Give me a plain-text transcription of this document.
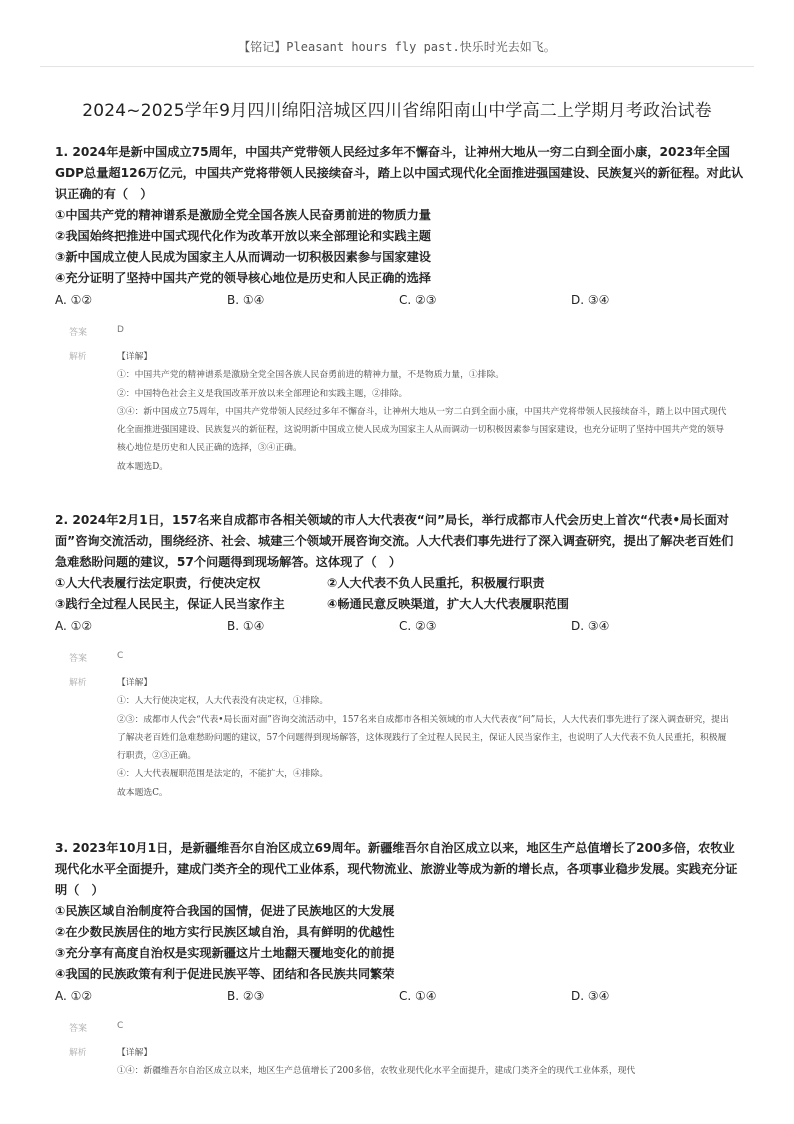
【铭记】Pleasant hours fly past.快乐时光去如飞。
2024~2025学年9月四川绵阳涪城区四川省绵阳南山中学高二上学期月考政治试卷

1. 2024年是新中国成立75周年，中国共产党带领人民经过多年不懈奋斗，让神州大地从一穷二白到全面小康，2023年全国GDP总量超126万亿元，中国共产党将带领人民接续奋斗，踏上以中国式现代化全面推进强国建设、民族复兴的新征程。对此认识正确的有（　）

①中国共产党的精神谱系是激励全党全国各族人民奋勇前进的物质力量
②我国始终把推进中国式现代化作为改革开放以来全部理论和实践主题
③新中国成立使人民成为国家主人从而调动一切积极因素参与国家建设
④充分证明了坚持中国共产党的领导核心地位是历史和人民正确的选择
A. ①②	B. ①④	C. ②③	D. ③④
答案	D
解析	【详解】
①：中国共产党的精神谱系是激励全党全国各族人民奋勇前进的精神力量，不是物质力量，①排除。
②：中国特色社会主义是我国改革开放以来全部理论和实践主题，②排除。
③④：新中国成立75周年，中国共产党带领人民经过多年不懈奋斗，让神州大地从一穷二白到全面小康，中国共产党将带领人民接续奋斗，踏上以中国式现代化全面推进强国建设、民族复兴的新征程，这说明新中国成立使人民成为国家主人从而调动一切积极因素参与国家建设，也充分证明了坚持中国共产党的领导核心地位是历史和人民正确的选择，③④正确。
故本题选D。

2. 2024年2月1日，157名来自成都市各相关领域的市人大代表夜“问”局长，举行成都市人代会历史上首次“代表•局长面对面”咨询交流活动，围绕经济、社会、城建三个领域开展咨询交流。人大代表们事先进行了深入调查研究，提出了解决老百姓们急难愁盼问题的建议，57个问题得到现场解答。这体现了（　）

①人大代表履行法定职责，行使决定权	②人大代表不负人民重托，积极履行职责
③践行全过程人民民主，保证人民当家作主	④畅通民意反映渠道，扩大人大代表履职范围
A. ①②	B. ①④	C. ②③	D. ③④
答案	C
解析	【详解】
①：人大行使决定权，人大代表没有决定权，①排除。
②③：成都市人代会“代表•局长面对面”咨询交流活动中，157名来自成都市各相关领域的市人大代表夜“问”局长，人大代表们事先进行了深入调查研究，提出了解决老百姓们急难愁盼问题的建议，57个问题得到现场解答，这体现践行了全过程人民民主，保证人民当家作主，也说明了人大代表不负人民重托，积极履行职责，②③正确。
④：人大代表履职范围是法定的，不能扩大，④排除。
故本题选C。

3. 2023年10月1日，是新疆维吾尔自治区成立69周年。新疆维吾尔自治区成立以来，地区生产总值增长了200多倍，农牧业现代化水平全面提升，建成门类齐全的现代工业体系，现代物流业、旅游业等成为新的增长点，各项事业稳步发展。实践充分证明（　）

①民族区域自治制度符合我国的国情，促进了民族地区的大发展
②在少数民族居住的地方实行民族区域自治，具有鲜明的优越性
③充分享有高度自治权是实现新疆这片土地翻天覆地变化的前提
④我国的民族政策有利于促进民族平等、团结和各民族共同繁荣
A. ①②	B. ②③	C. ①④	D. ③④
答案	C
解析	【详解】
①④：新疆维吾尔自治区成立以来，地区生产总值增长了200多倍，农牧业现代化水平全面提升，建成门类齐全的现代工业体系，现代
